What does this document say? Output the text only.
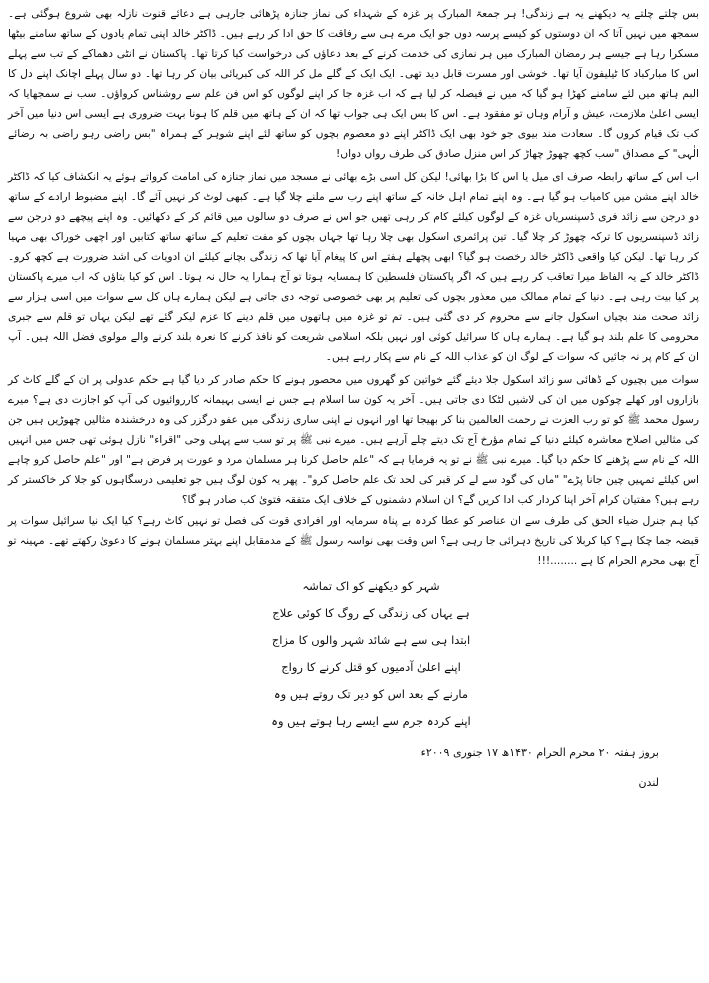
بس چلتے چلتے یہ دیکھنے یہ ہے زندگی! ہر جمعۃ المبارک پر غزہ کے شہداء کی نماز جنازہ پڑھائی جارہی ہے دعائے قنوت نازلہ بھی شروع ہوگئی ہے۔ سمجھ میں نہیں آتا کہ ان دوستوں کو کیسے پرسہ دوں جو ایک مرے ہی سے رفاقت کا حق ادا کر رہے ہیں۔ ڈاکٹر خالد اپنی تمام یادوں کے ساتھ سامنے بیٹھا مسکرا رہا ہے جیسے ہر رمضان المبارک میں ہر نمازی کی خدمت کرنے کے بعد دعاؤں کی درخواست کیا کرتا تھا۔ پاکستان نے انٹی دھماکے کے تب سے پہلے اس کا مبارکباد کا ٹیلیفون آیا تھا۔ خوشی اور مسرت قابل دید تھی۔ ایک ایک کے گلے مل کر اللہ کی کبریائی بیان کر رہا تھا۔ دو سال پہلے اچانک اپنے دل کا البم ہاتھ میں لئے سامنے کھڑا ہو گیا کہ میں نے فیصلہ کر لیا ہے کہ اب غزہ جا کر اپنے لوگوں کو اس فن علم سے روشناس کرواؤں۔ سب نے سمجھایا کہ ایسی اعلیٰ ملازمت، عیش و آرام وہاں تو مفقود ہے۔ اس کا بس ایک ہی جواب تھا کہ ان کے ہاتھ میں قلم کا ہونا بہت ضروری ہے ایسی اس دنیا میں آخر کب تک قیام کروں گا۔ سعادت مند بیوی جو خود بھی ایک ڈاکٹر اپنے دو معصوم بچوں کو ساتھ لئے اپنے شوہر کے ہمراہ "بس راضی رہو راضی بہ رضائے الٰہی" کے مصداق "سب کچھ چھوڑ چھاڑ کر اس منزل صادق کی طرف رواں دواں!

اب اس کے ساتھ رابطہ صرف ای میل یا اس کا بڑا بھائی! لیکن کل اسی بڑے بھائی نے مسجد میں نماز جنازہ کی امامت کرواتے ہوئے یہ انکشاف کیا کہ ڈاکٹر خالد اپنے مشن میں کامیاب ہو گیا ہے۔ وہ اپنے تمام اہل خانہ کے ساتھ اپنے رب سے ملنے چلا گیا ہے۔ کبھی لوٹ کر نہیں آئے گا۔ اپنے مضبوط ارادے کے ساتھ دو درجن سے زائد فری ڈسپنسریاں غزہ کے لوگوں کیلئے کام کر رہی تھیں جو اس نے صرف دو سالوں میں قائم کر کے دکھائیں۔ وہ اپنے پیچھے دو درجن سے زائد ڈسپنسریوں کا ترکہ چھوڑ کر چلا گیا۔ تین پرائمری اسکول بھی چلا رہا تھا جہاں بچوں کو مفت تعلیم کے ساتھ ساتھ کتابیں اور اچھی خوراک بھی مہیا کر رہا تھا۔ لیکن کیا واقعی ڈاکٹر خالد رخصت ہو گیا؟ ابھی پچھلے ہفتے اس کا پیغام آیا تھا کہ زندگی بچانے کیلئے ان ادویات کی اشد ضرورت ہے کچھ کرو۔ ڈاکٹر خالد کے یہ الفاظ میرا تعاقب کر رہے ہیں کہ اگر پاکستان فلسطین کا ہمسایہ ہوتا تو آج ہمارا یہ حال نہ ہوتا۔ اس کو کیا بتاؤں کہ اب میرے پاکستان پر کیا بیت رہی ہے۔ دنیا کے تمام ممالک میں معذور بچوں کی تعلیم پر بھی خصوصی توجہ دی جاتی ہے لیکن ہمارے ہاں کل سے سوات میں اسی ہزار سے زائد صحت مند بچیاں اسکول جانے سے محروم کر دی گئی ہیں۔ تم تو غزہ میں ہاتھوں میں قلم دینے کا عزم لیکر گئے تھے لیکن یہاں تو قلم سے جبری محرومی کا علم بلند ہو گیا ہے۔ ہمارے ہاں کا سرائیل کوئی اور نہیں بلکہ اسلامی شریعت کو نافذ کرنے کا نعرہ بلند کرنے والے مولوی فضل اللہ ہیں۔ آپ ان کے کام پر نہ جائیں کہ سوات کے لوگ ان کو عذاب اللہ کے نام سے پکار رہے ہیں۔

سوات میں بچیوں کے ڈھائی سو زائد اسکول جلا دیئے گئے خواتین کو گھروں میں محصور ہونے کا حکم صادر کر دیا گیا ہے حکم عدولی پر ان کے گلے کاٹ کر بازاروں اور کھلے چوکوں میں ان کی لاشیں لٹکا دی جاتی ہیں۔ آخر یہ کون سا اسلام ہے جس نے ایسی بہیمانہ کارروائیوں کی آپ کو اجازت دی ہے؟ میرے رسول محمد ﷺ کو تو رب العزت نے رحمت العالمین بنا کر بھیجا تھا اور انہوں نے اپنی ساری زندگی میں عفو درگزر کی وہ درخشندہ مثالیں چھوڑیں ہیں جن کی مثالیں اصلاح معاشرہ کیلئے دنیا کے تمام مؤرخ آج تک دیتے چلے آرہے ہیں۔ میرے نبی ﷺ پر تو سب سے پہلی وحی "اقراء" نازل ہوئی تھی جس میں انہیں اللہ کے نام سے پڑھنے کا حکم دیا گیا۔ میرے نبی ﷺ نے تو یہ فرمایا ہے کہ "علم حاصل کرنا ہر مسلمان مرد و عورت پر فرض ہے" اور "علم حاصل کرو چاہے اس کیلئے تمہیں چین جانا پڑے" "ماں کی گود سے لے کر قبر کی لحد تک علم حاصل کرو"۔ پھر یہ کون لوگ ہیں جو تعلیمی درسگاہوں کو جلا کر خاکستر کر رہے ہیں؟ مفتیان کرام آخر اپنا کردار کب ادا کریں گے؟ ان اسلام دشمنوں کے خلاف ایک متفقہ فتویٰ کب صادر ہو گا؟

کیا ہم جنرل ضیاء الحق کی طرف سے ان عناصر کو عطا کردہ بے پناہ سرمایہ اور افرادی قوت کی فصل تو نہیں کاٹ رہے؟ کیا ایک نیا سرائیل سوات پر قبضہ جما چکا ہے؟ کیا کربلا کی تاریخ دہرائی جا رہی ہے؟ اس وقت بھی نواسہ رسول ﷺ کے مدمقابل اپنے بہتر مسلمان ہونے کا دعویٰ رکھتے تھے۔ مہینہ تو آج بھی محرم الحرام کا ہے ........!!!

شہر کو دیکھنے کو اک تماشہ
ہے یہاں کی زندگی کے روگ کا کوئی علاج
ابتدا ہی سے ہے شائد شہر والوں کا مزاج
اپنے اعلیٰ آدمیوں کو قتل کرنے کا رواج
مارنے کے بعد اس کو دیر تک روتے ہیں وہ
اپنے کردہ جرم سے ایسے رہا ہوتے ہیں وہ
بروز ہفتہ ۲۰ محرم الحرام ۱۴۳۰ھ ۱۷ جنوری ۲۰۰۹ء
لندن
